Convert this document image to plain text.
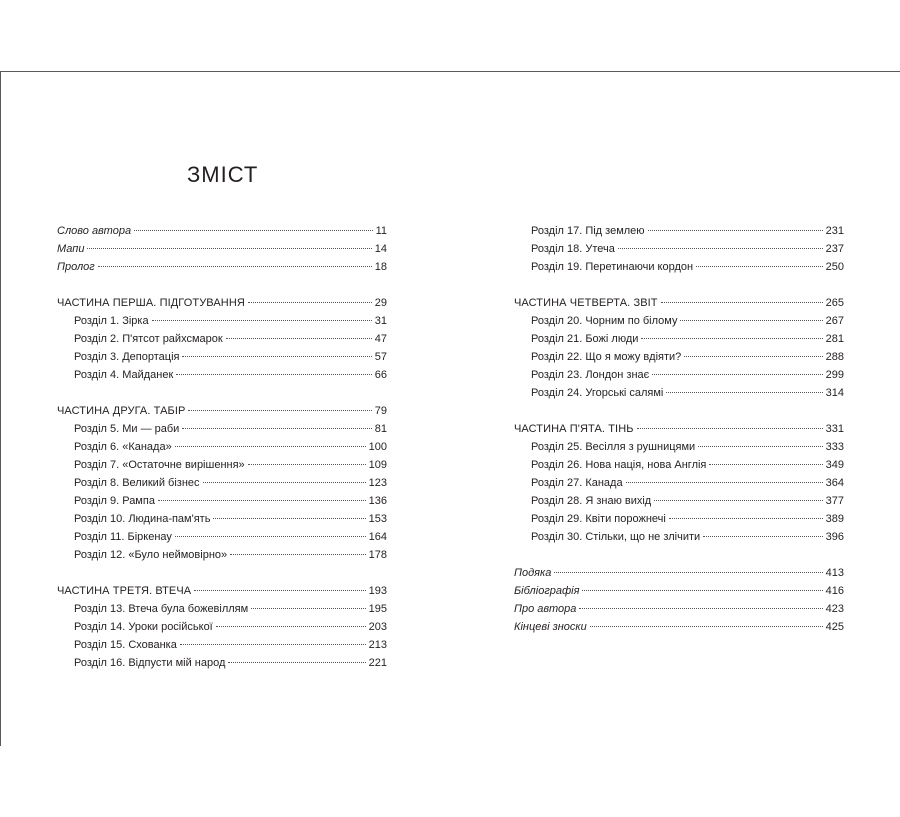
ЗМІСТ
Слово автора	11
Мапи	14
Пролог	18
ЧАСТИНА ПЕРША. ПІДГОТУВАННЯ	29
Розділ 1. Зірка	31
Розділ 2. П'ятсот райхсмарок	47
Розділ 3. Депортація	57
Розділ 4. Майданек	66
ЧАСТИНА ДРУГА. ТАБІР	79
Розділ 5. Ми — раби	81
Розділ 6. «Канада»	100
Розділ 7. «Остаточне вирішення»	109
Розділ 8. Великий бізнес	123
Розділ 9. Рампа	136
Розділ 10. Людина-пам'ять	153
Розділ 11. Біркенау	164
Розділ 12. «Було неймовірно»	178
ЧАСТИНА ТРЕТЯ. ВТЕЧА	193
Розділ 13. Втеча була божевіллям	195
Розділ 14. Уроки російської	203
Розділ 15. Схованка	213
Розділ 16. Відпусти мій народ	221
Розділ 17. Під землею	231
Розділ 18. Утеча	237
Розділ 19. Перетинаючи кордон	250
ЧАСТИНА ЧЕТВЕРТА. ЗВІТ	265
Розділ 20. Чорним по білому	267
Розділ 21. Божі люди	281
Розділ 22. Що я можу вдіяти?	288
Розділ 23. Лондон знає	299
Розділ 24. Угорські салямі	314
ЧАСТИНА П'ЯТА. ТІНЬ	331
Розділ 25. Весілля з рушницями	333
Розділ 26. Нова нація, нова Англія	349
Розділ 27. Канада	364
Розділ 28. Я знаю вихід	377
Розділ 29. Квіти порожнечі	389
Розділ 30. Стільки, що не злічити	396
Подяка	413
Бібліографія	416
Про автора	423
Кінцеві зноски	425
